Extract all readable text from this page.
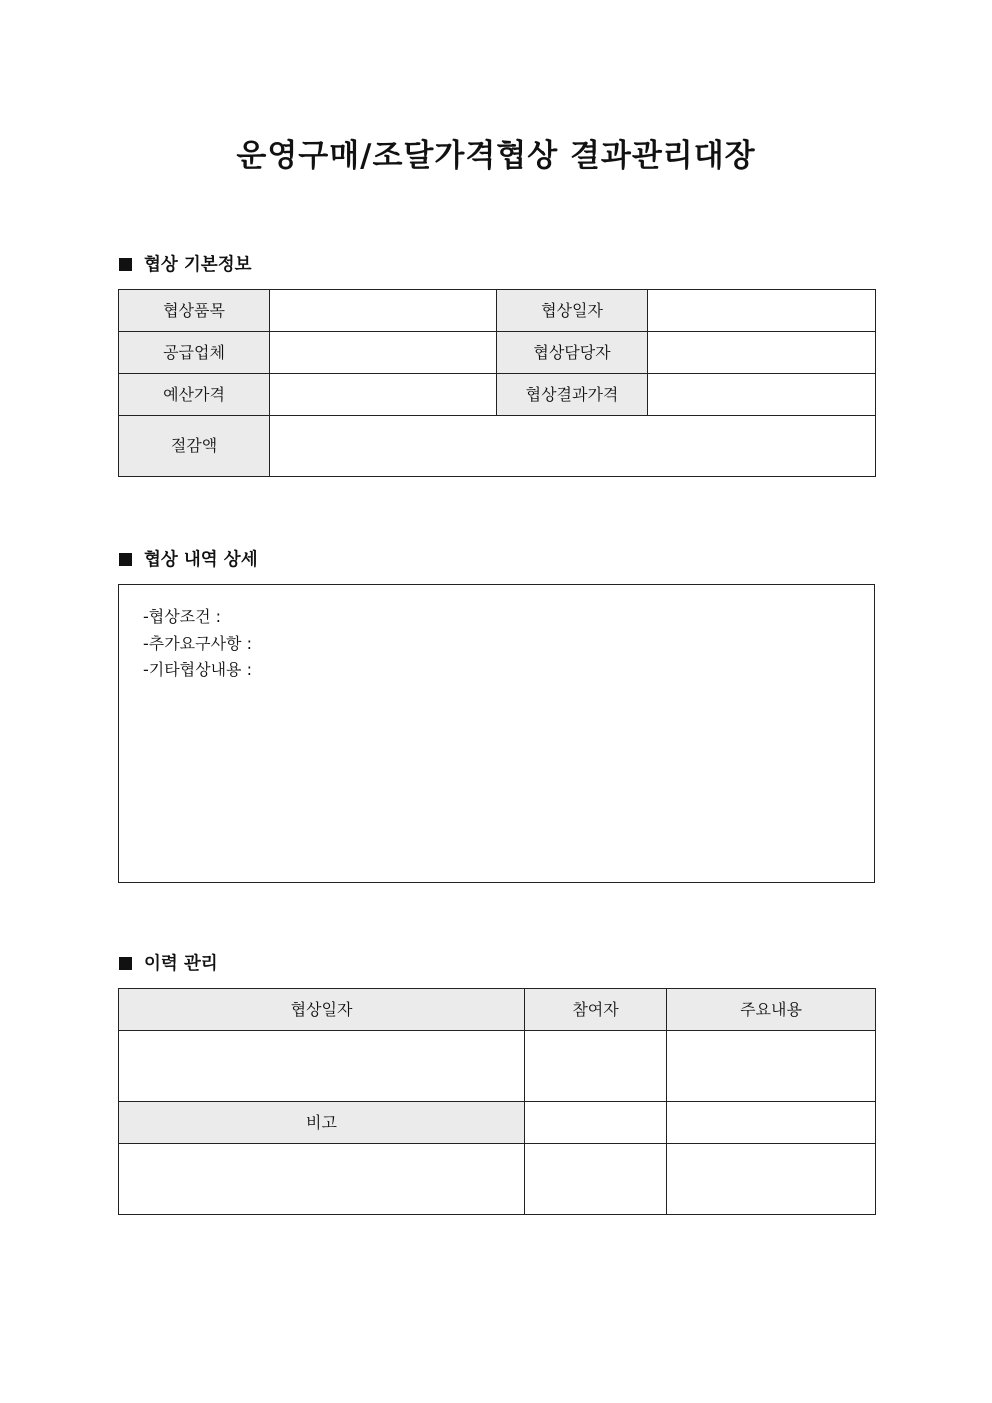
운영구매/조달가격협상 결과관리대장
협상 기본정보
협상품목		협상일자	
공급업체		협상담당자	
예산가격		협상결과가격	
절감액			
협상 내역 상세
-협상조건 :
-추가요구사항 :
-기타협상내용 :
이력 관리
협상일자	참여자	주요내용

비고		
